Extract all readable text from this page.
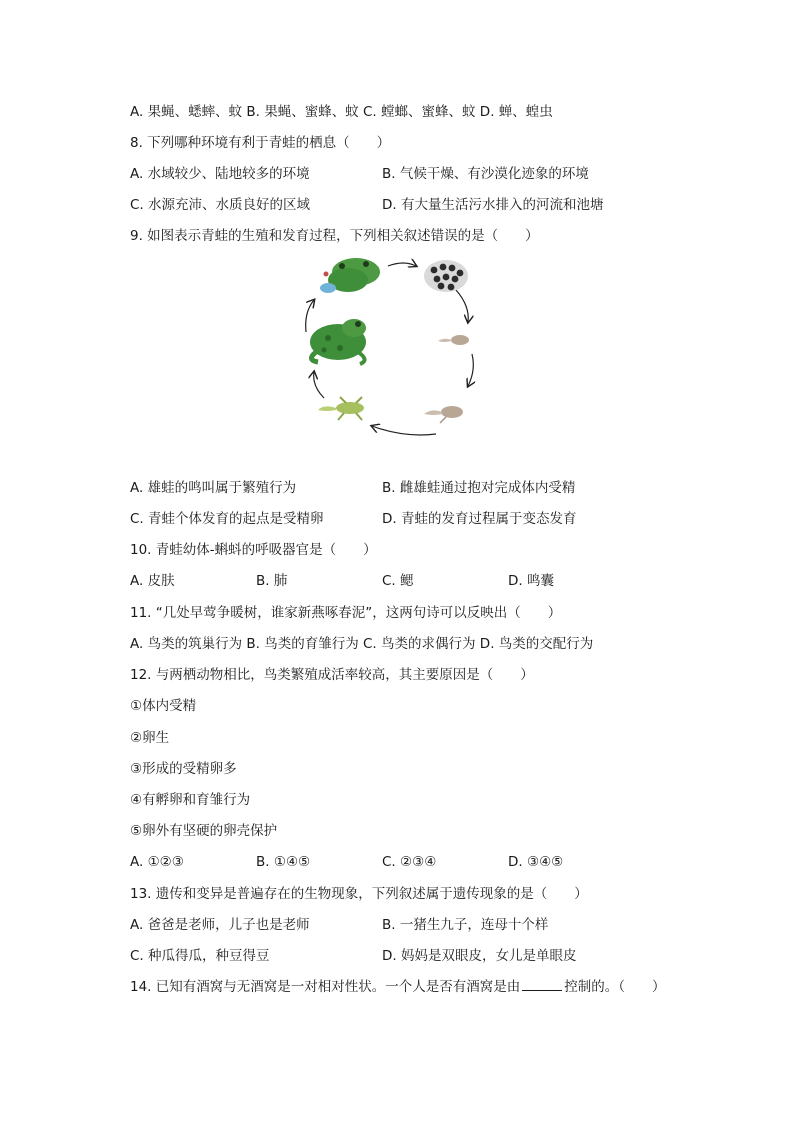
A. 果蝇、蟋蟀、蚊 B. 果蝇、蜜蜂、蚊 C. 螳螂、蜜蜂、蚊 D. 蝉、蝗虫
8. 下列哪种环境有利于青蛙的栖息（　　）
A. 水域较少、陆地较多的环境	B. 气候干燥、有沙漠化迹象的环境
C. 水源充沛、水质良好的区域	D. 有大量生活污水排入的河流和池塘
9. 如图表示青蛙的生殖和发育过程，下列相关叙述错误的是（　　）
A. 雄蛙的鸣叫属于繁殖行为	B. 雌雄蛙通过抱对完成体内受精
C. 青蛙个体发育的起点是受精卵	D. 青蛙的发育过程属于变态发育
10. 青蛙幼体-蝌蚪的呼吸器官是（　　）
A. 皮肤	B. 肺	C. 鳃	D. 鸣囊
11. “几处早莺争暖树，谁家新燕啄春泥”，这两句诗可以反映出（　　）
A. 鸟类的筑巢行为 B. 鸟类的育雏行为 C. 鸟类的求偶行为 D. 鸟类的交配行为
12. 与两栖动物相比，鸟类繁殖成活率较高，其主要原因是（　　）
①体内受精
②卵生
③形成的受精卵多
④有孵卵和育雏行为
⑤卵外有坚硬的卵壳保护
A. ①②③	B. ①④⑤	C. ②③④	D. ③④⑤
13. 遗传和变异是普遍存在的生物现象，下列叙述属于遗传现象的是（　　）
A. 爸爸是老师，儿子也是老师	B. 一猪生九子，连母十个样
C. 种瓜得瓜，种豆得豆	D. 妈妈是双眼皮，女儿是单眼皮
14. 已知有酒窝与无酒窝是一对相对性状。一个人是否有酒窝是由	控制的。（　　）
